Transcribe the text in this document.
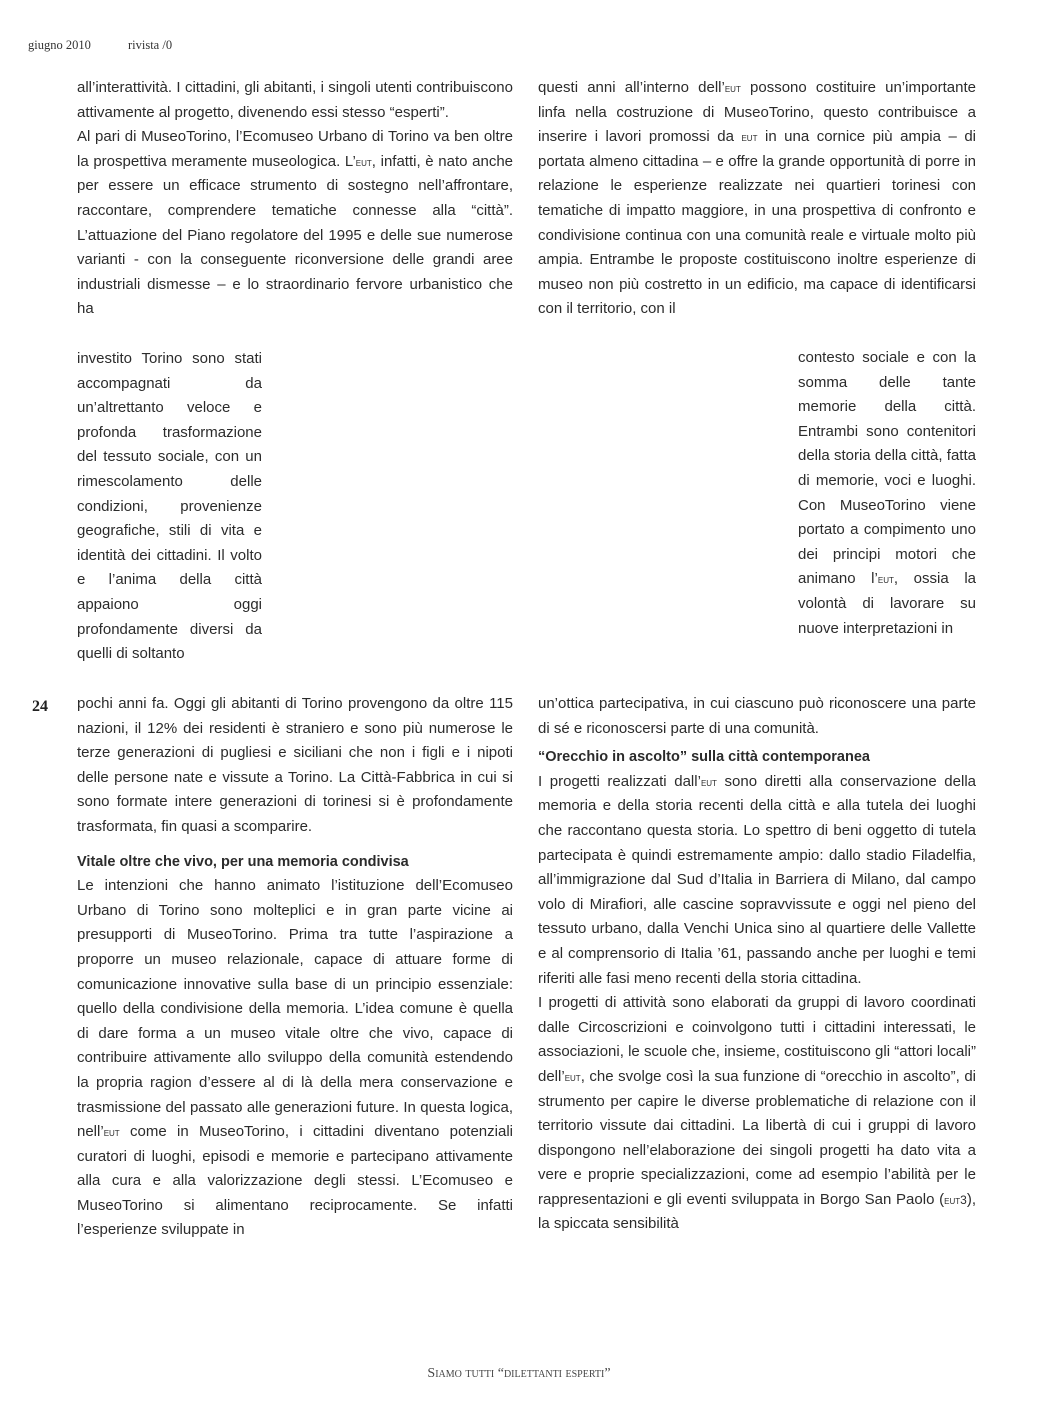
giugno 2010	rivista /0
24

all’interattività. I cittadini, gli abitanti, i singoli utenti contribuiscono attivamente al progetto, divenendo essi stesso “esperti”.

Al pari di MuseoTorino, l’Ecomuseo Urbano di Torino va ben oltre la prospettiva meramente museologica. L’eut, infatti, è nato anche per essere un efficace strumento di sostegno nell’affrontare, raccontare, comprendere tematiche connesse alla “città”. L’attuazione del Piano regolatore del 1995 e delle sue numerose varianti - con la conseguente riconversione delle grandi aree industriali dismesse – e lo straordinario fervore urbanistico che ha

investito Torino sono stati accompagnati da un’altrettanto veloce e profonda trasformazione del tessuto sociale, con un rimescolamento delle condizioni, provenienze geografiche, stili di vita e identità dei cittadini. Il volto e l’anima della città appaiono oggi profondamente diversi da quelli di soltanto

pochi anni fa. Oggi gli abitanti di Torino provengono da oltre 115 nazioni, il 12% dei residenti è straniero e sono più numerose le terze generazioni di pugliesi e siciliani che non i figli e i nipoti delle persone nate e vissute a Torino. La Città-Fabbrica in cui si sono formate intere generazioni di torinesi si è profondamente trasformata, fin quasi a scomparire.

Vitale oltre che vivo, per una memoria condivisa

Le intenzioni che hanno animato l’istituzione dell’Ecomuseo Urbano di Torino sono molteplici e in gran parte vicine ai presupporti di MuseoTorino. Prima tra tutte l’aspirazione a proporre un museo relazionale, capace di attuare forme di comunicazione innovative sulla base di un principio essenziale: quello della condivisione della memoria. L’idea comune è quella di dare forma a un museo vitale oltre che vivo, capace di contribuire attivamente allo sviluppo della comunità estendendo la propria ragion d’essere al di là della mera conservazione e trasmissione del passato alle generazioni future. In questa logica, nell’eut come in MuseoTorino, i cittadini diventano potenziali curatori di luoghi, episodi e memorie e partecipano attivamente alla cura e alla valorizzazione degli stessi. L’Ecomuseo e MuseoTorino si alimentano reciprocamente. Se infatti l’esperienze sviluppate in

questi anni all’interno dell’eut possono costituire un’importante linfa nella costruzione di MuseoTorino, questo contribuisce a inserire i lavori promossi da eut in una cornice più ampia – di portata almeno cittadina – e offre la grande opportunità di porre in relazione le esperienze realizzate nei quartieri torinesi con tematiche di impatto maggiore, in una prospettiva di confronto e condivisione continua con una comunità reale e virtuale molto più ampia. Entrambe le proposte costituiscono inoltre esperienze di museo non più costretto in un edificio, ma capace di identificarsi con il territorio, con il

contesto sociale e con la somma delle tante memorie della città. Entrambi sono contenitori della storia della città, fatta di memorie, voci e luoghi. Con MuseoTorino viene portato a compimento uno dei principi motori che animano l’eut, ossia la volontà di lavorare su nuove interpretazioni in

un’ottica partecipativa, in cui ciascuno può riconoscere una parte di sé e riconoscersi parte di una comunità.

“Orecchio in ascolto” sulla città contemporanea

I progetti realizzati dall’eut sono diretti alla conservazione della memoria e della storia recenti della città e alla tutela dei luoghi che raccontano questa storia. Lo spettro di beni oggetto di tutela partecipata è quindi estremamente ampio: dallo stadio Filadelfia, all’immigrazione dal Sud d’Italia in Barriera di Milano, dal campo volo di Mirafiori, alle cascine sopravvissute e oggi nel pieno del tessuto urbano, dalla Venchi Unica sino al quartiere delle Vallette e al comprensorio di Italia ’61, passando anche per luoghi e temi riferiti alle fasi meno recenti della storia cittadina.

I progetti di attività sono elaborati da gruppi di lavoro coordinati dalle Circoscrizioni e coinvolgono tutti i cittadini interessati, le associazioni, le scuole che, insieme, costituiscono gli “attori locali” dell’eut, che svolge così la sua funzione di “orecchio in ascolto”, di strumento per capire le diverse problematiche di relazione con il territorio vissute dai cittadini. La libertà di cui i gruppi di lavoro dispongono nell’elaborazione dei singoli progetti ha dato vita a vere e proprie specializzazioni, come ad esempio l’abilità per le rappresentazioni e gli eventi sviluppata in Borgo San Paolo (eut3), la spiccata sensibilità

Siamo tutti “dilettanti esperti”
